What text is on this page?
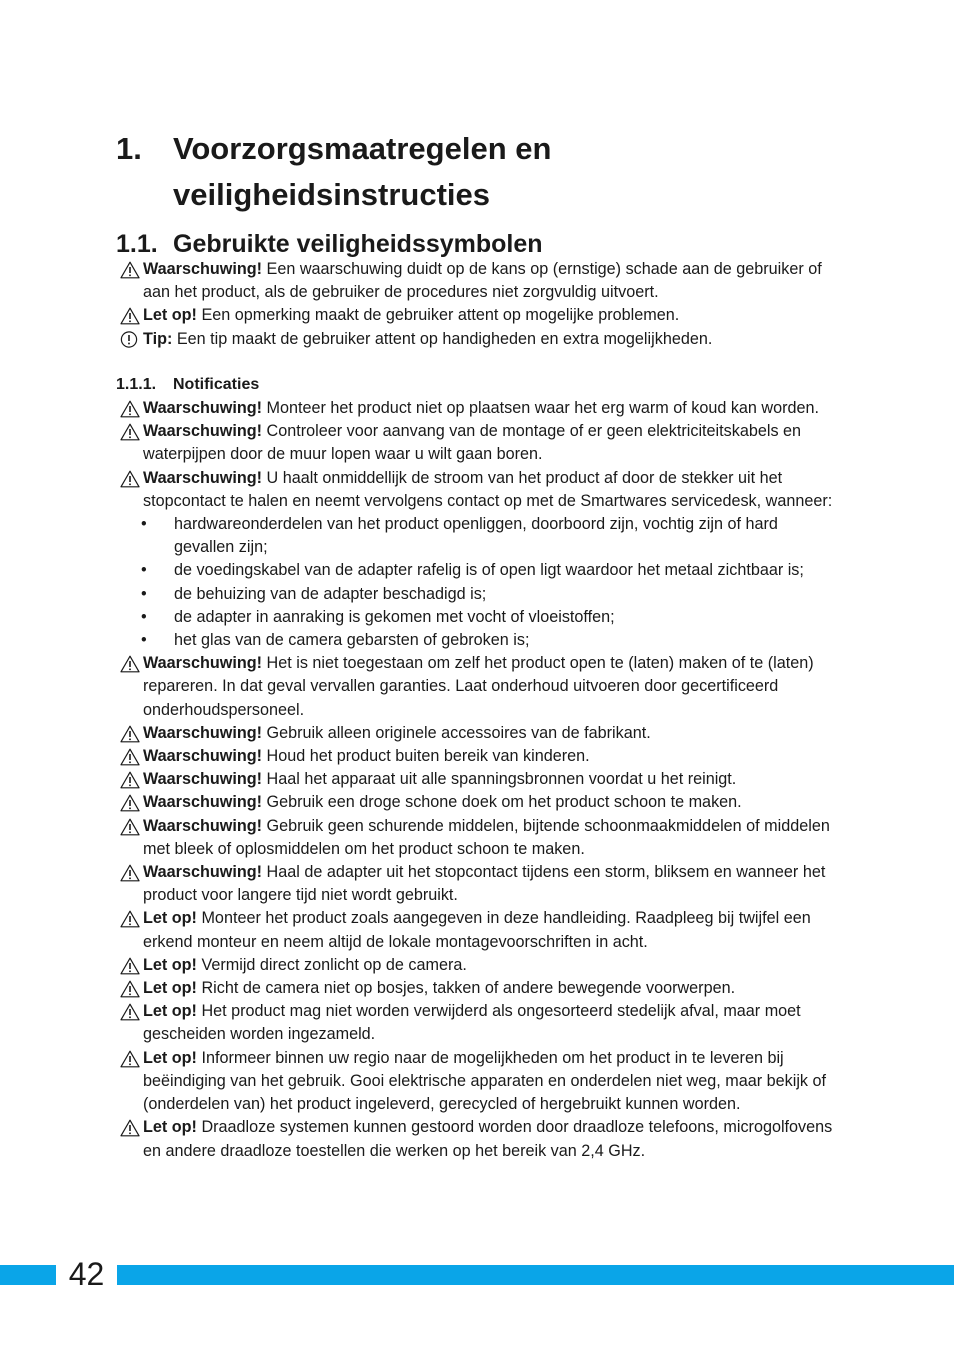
1.	Voorzorgsmaatregelen en
veiligheidsinstructies
1.1. Gebruikte veiligheidssymbolen
Waarschuwing! Een waarschuwing duidt op de kans op (ernstige) schade aan de gebruiker of aan het product, als de gebruiker de procedures niet zorgvuldig uitvoert.
Let op! Een opmerking maakt de gebruiker attent op mogelijke problemen.
Tip: Een tip maakt de gebruiker attent op handigheden en extra mogelijkheden.
1.1.1. Notificaties
Waarschuwing! Monteer het product niet op plaatsen waar het erg warm of koud kan worden.
Waarschuwing! Controleer voor aanvang van de montage of er geen elektriciteitskabels en waterpijpen door de muur lopen waar u wilt gaan boren.
Waarschuwing! U haalt onmiddellijk de stroom van het product af door de stekker uit het stopcontact te halen en neemt vervolgens contact op met de Smartwares servicedesk, wanneer:
• hardwareonderdelen van het product openliggen, doorboord zijn, vochtig zijn of hard gevallen zijn;
• de voedingskabel van de adapter rafelig is of open ligt waardoor het metaal zichtbaar is;
• de behuizing van de adapter beschadigd is;
• de adapter in aanraking is gekomen met vocht of vloeistoffen;
• het glas van de camera gebarsten of gebroken is;
Waarschuwing! Het is niet toegestaan om zelf het product open te (laten) maken of te (laten) repareren. In dat geval vervallen garanties. Laat onderhoud uitvoeren door gecertificeerd onderhoudspersoneel.
Waarschuwing! Gebruik alleen originele accessoires van de fabrikant.
Waarschuwing! Houd het product buiten bereik van kinderen.
Waarschuwing! Haal het apparaat uit alle spanningsbronnen voordat u het reinigt.
Waarschuwing! Gebruik een droge schone doek om het product schoon te maken.
Waarschuwing! Gebruik geen schurende middelen, bijtende schoonmaakmiddelen of middelen met bleek of oplosmiddelen om het product schoon te maken.
Waarschuwing! Haal de adapter uit het stopcontact tijdens een storm, bliksem en wanneer het product voor langere tijd niet wordt gebruikt.
Let op! Monteer het product zoals aangegeven in deze handleiding. Raadpleeg bij twijfel een erkend monteur en neem altijd de lokale montagevoorschriften in acht.
Let op! Vermijd direct zonlicht op de camera.
Let op! Richt de camera niet op bosjes, takken of andere bewegende voorwerpen.
Let op! Het product mag niet worden verwijderd als ongesorteerd stedelijk afval, maar moet gescheiden worden ingezameld.
Let op! Informeer binnen uw regio naar de mogelijkheden om het product in te leveren bij beëindiging van het gebruik. Gooi elektrische apparaten en onderdelen niet weg, maar bekijk of (onderdelen van) het product ingeleverd, gerecycled of hergebruikt kunnen worden.
Let op! Draadloze systemen kunnen gestoord worden door draadloze telefoons, microgolfovens en andere draadloze toestellen die werken op het bereik van 2,4 GHz.
42
